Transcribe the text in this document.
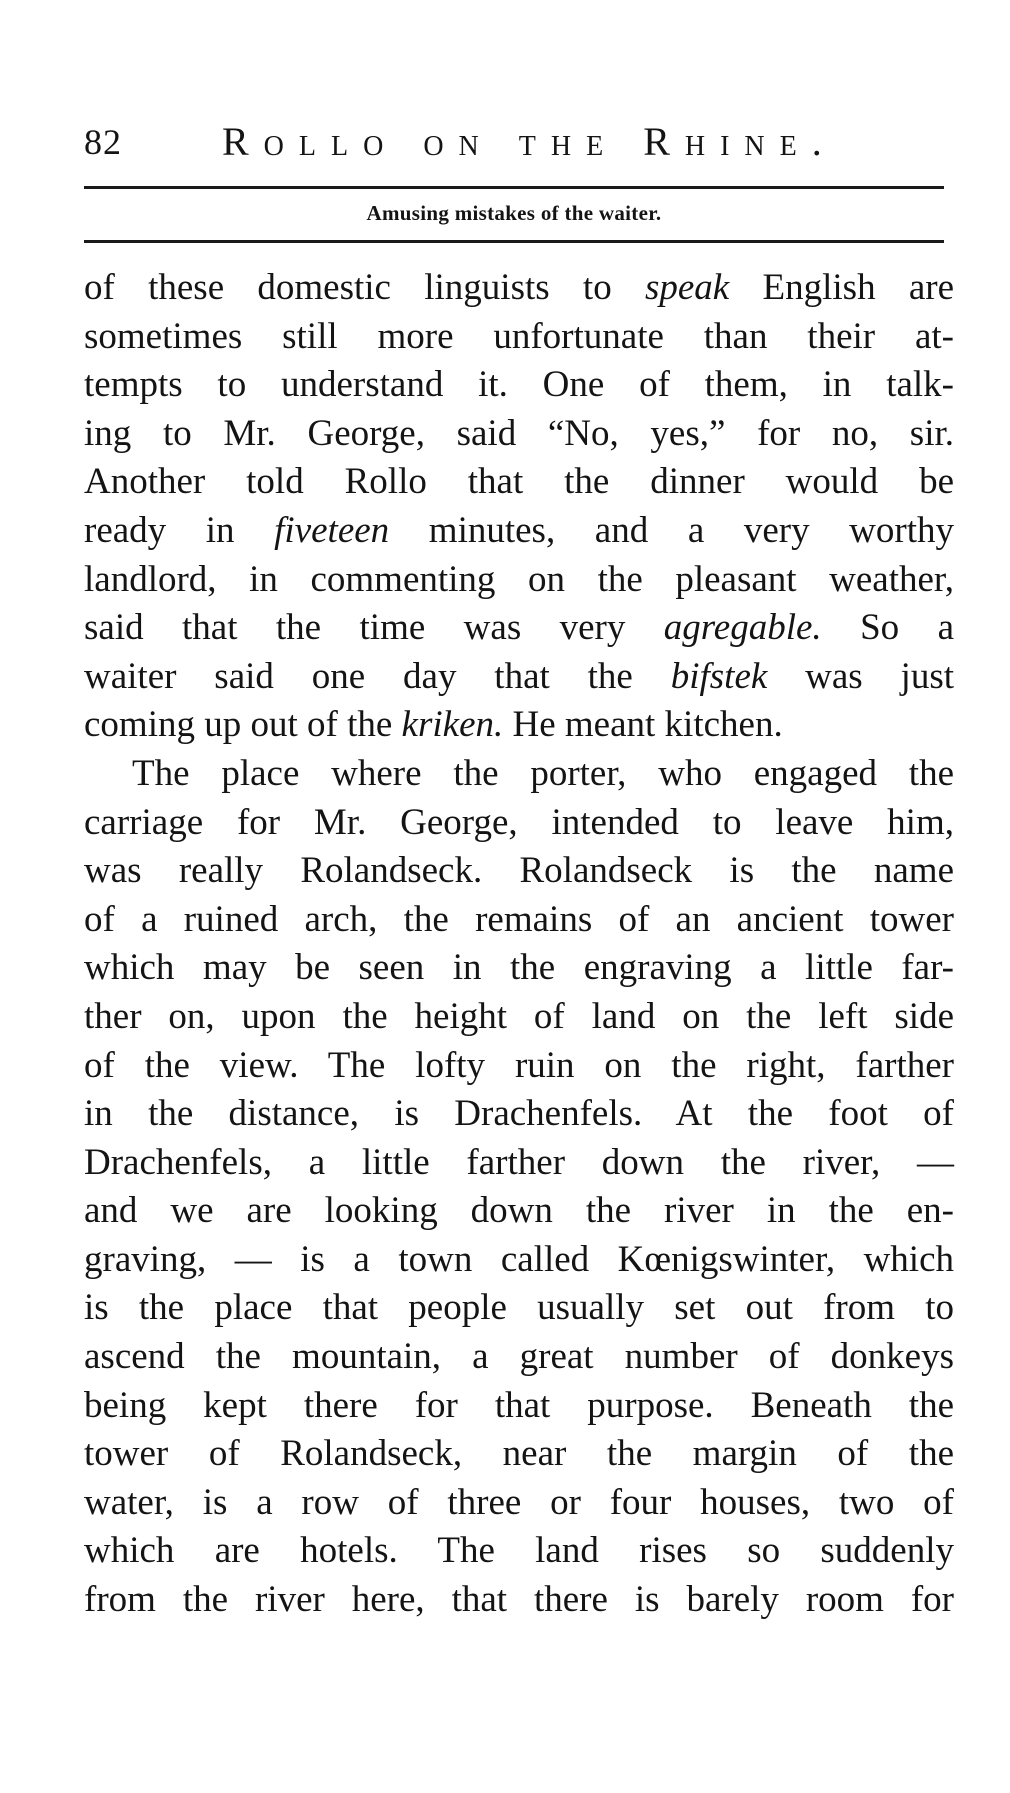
82	Rollo on the Rhine.
Amusing mistakes of the waiter.
of these domestic linguists to speak English are
sometimes still more unfortunate than their at-
tempts to understand it. One of them, in talk-
ing to Mr. George, said “No, yes,” for no, sir.
Another told Rollo that the dinner would be
ready in fiveteen minutes, and a very worthy
landlord, in commenting on the pleasant weather,
said that the time was very agregable. So a
waiter said one day that the bifstek was just
coming up out of the kriken. He meant kitchen.
The place where the porter, who engaged the
carriage for Mr. George, intended to leave him,
was really Rolandseck. Rolandseck is the name
of a ruined arch, the remains of an ancient tower
which may be seen in the engraving a little far-
ther on, upon the height of land on the left side
of the view. The lofty ruin on the right, farther
in the distance, is Drachenfels. At the foot of
Drachenfels, a little farther down the river, —
and we are looking down the river in the en-
graving, — is a town called Kœnigswinter, which
is the place that people usually set out from to
ascend the mountain, a great number of donkeys
being kept there for that purpose. Beneath the
tower of Rolandseck, near the margin of the
water, is a row of three or four houses, two of
which are hotels. The land rises so suddenly
from the river here, that there is barely room for
